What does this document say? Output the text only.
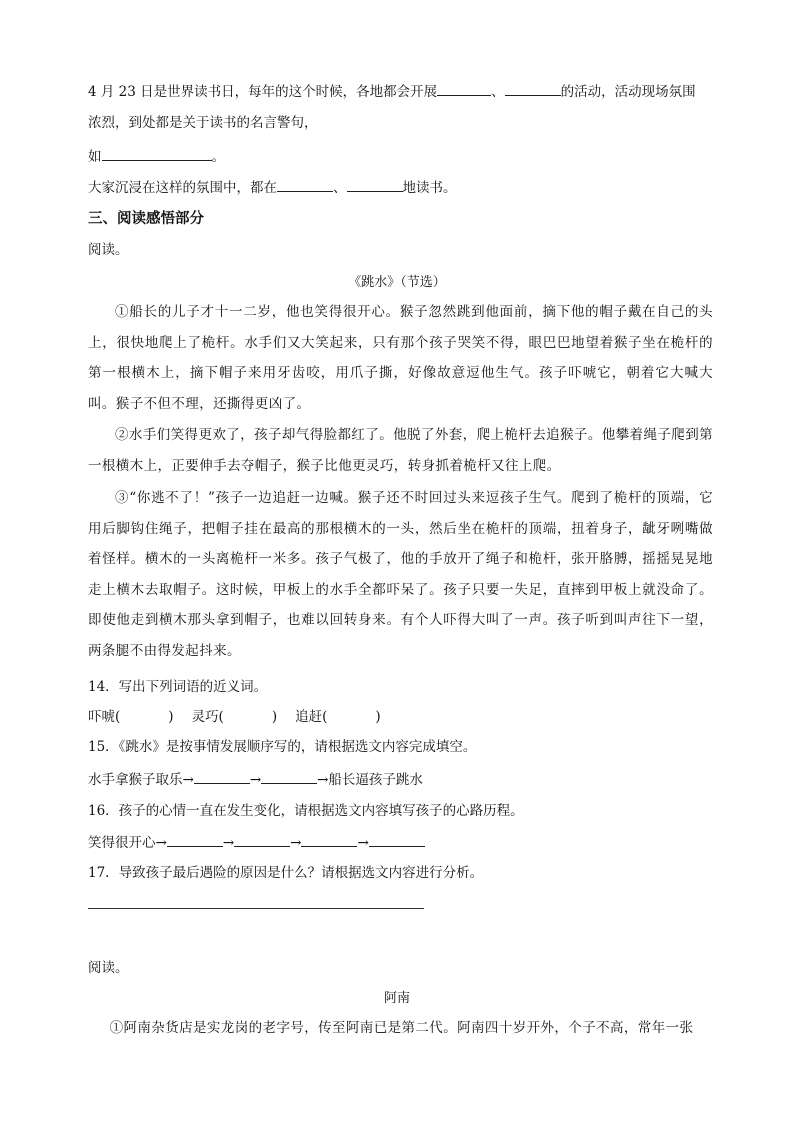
4 月 23 日是世界读书日，每年的这个时候，各地都会开展	、	的活动，活动现场氛围
浓烈，到处都是关于读书的名言警句，
如	。
大家沉浸在这样的氛围中，都在	、	地读书。
三、阅读感悟部分
阅读。
《跳水》（节选）
①船长的儿子才十一二岁，他也笑得很开心。猴子忽然跳到他面前，摘下他的帽子戴在自己的头上，很快地爬上了桅杆。水手们又大笑起来，只有那个孩子哭笑不得，眼巴巴地望着猴子坐在桅杆的第一根横木上，摘下帽子来用牙齿咬，用爪子撕，好像故意逗他生气。孩子吓唬它，朝着它大喊大叫。猴子不但不理，还撕得更凶了。
②水手们笑得更欢了，孩子却气得脸都红了。他脱了外套，爬上桅杆去追猴子。他攀着绳子爬到第一根横木上，正要伸手去夺帽子，猴子比他更灵巧，转身抓着桅杆又往上爬。
③“你逃不了！”孩子一边追赶一边喊。猴子还不时回过头来逗孩子生气。爬到了桅杆的顶端，它用后脚钩住绳子，把帽子挂在最高的那根横木的一头，然后坐在桅杆的顶端，扭着身子，龇牙咧嘴做着怪样。横木的一头离桅杆一米多。孩子气极了，他的手放开了绳子和桅杆，张开胳膊，摇摇晃晃地走上横木去取帽子。这时候，甲板上的水手全都吓呆了。孩子只要一失足，直摔到甲板上就没命了。即使他走到横木那头拿到帽子，也难以回转身来。有个人吓得大叫了一声。孩子听到叫声往下一望，两条腿不由得发起抖来。
14．写出下列词语的近义词。
吓唬(	) 灵巧(	) 追赶(	)
15．《跳水》是按事情发展顺序写的，请根据选文内容完成填空。
水手拿猴子取乐→	→	→船长逼孩子跳水
16．孩子的心情一直在发生变化，请根据选文内容填写孩子的心路历程。
笑得很开心→	→	→	→
17．导致孩子最后遇险的原因是什么？请根据选文内容进行分析。
阅读。
阿南
①阿南杂货店是实龙岗的老字号，传至阿南已是第二代。阿南四十岁开外，个子不高，常年一张
